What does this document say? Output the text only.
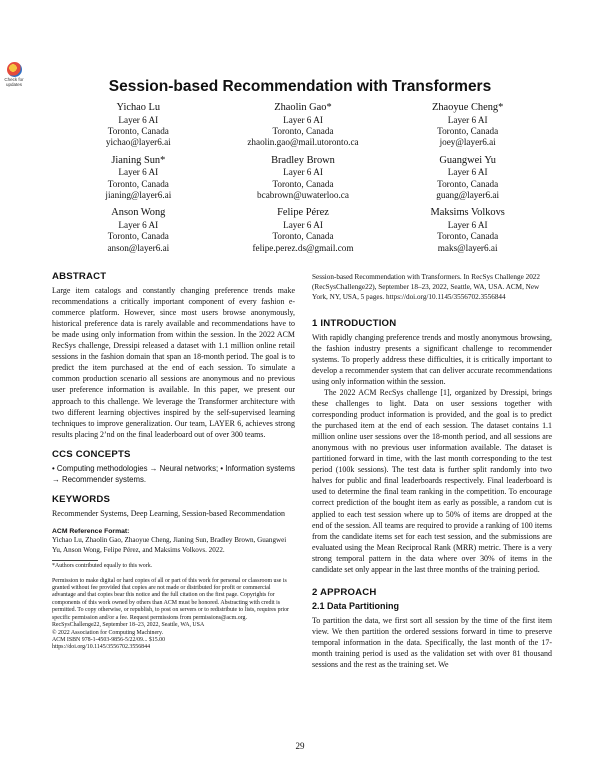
Check for
updates	Session-based Recommendation with Transformers
Yichao Lu
Layer 6 AI
Toronto, Canada
yichao@layer6.ai
Zhaolin Gao*
Layer 6 AI
Toronto, Canada
zhaolin.gao@mail.utoronto.ca
Zhaoyue Cheng*
Layer 6 AI
Toronto, Canada
joey@layer6.ai
Jianing Sun*
Layer 6 AI
Toronto, Canada
jianing@layer6.ai
Bradley Brown
Layer 6 AI
Toronto, Canada
bcabrown@uwaterloo.ca
Guangwei Yu
Layer 6 AI
Toronto, Canada
guang@layer6.ai
Anson Wong
Layer 6 AI
Toronto, Canada
anson@layer6.ai
Felipe Pérez
Layer 6 AI
Toronto, Canada
felipe.perez.ds@gmail.com
Maksims Volkovs
Layer 6 AI
Toronto, Canada
maks@layer6.ai
ABSTRACT

Large item catalogs and constantly changing preference trends make recommendations a critically important component of every fashion e-commerce platform. However, since most users browse anonymously, historical preference data is rarely available and recommendations have to be made using only information from within the session. In the 2022 ACM RecSys challenge, Dressipi released a dataset with 1.1 million online retail sessions in the fashion domain that span an 18-month period. The goal is to predict the item purchased at the end of each session. To simulate a common production scenario all sessions are anonymous and no previous user preference information is available. In this paper, we present our approach to this challenge. We leverage the Transformer architecture with two different learning objectives inspired by the self-supervised learning techniques to improve generalization. Our team, LAYER 6, achieves strong results placing 2’nd on the final leaderboard out of over 300 teams.

CCS CONCEPTS

• Computing methodologies → Neural networks; • Information systems → Recommender systems.

KEYWORDS

Recommender Systems, Deep Learning, Session-based Recommendation

ACM Reference Format:

Yichao Lu, Zhaolin Gao, Zhaoyue Cheng, Jianing Sun, Bradley Brown, Guangwei Yu, Anson Wong, Felipe Pérez, and Maksims Volkovs. 2022.

*Authors contributed equally to this work.

Permission to make digital or hard copies of all or part of this work for personal or classroom use is granted without fee provided that copies are not made or distributed for profit or commercial advantage and that copies bear this notice and the full citation on the first page. Copyrights for components of this work owned by others than ACM must be honored. Abstracting with credit is permitted. To copy otherwise, or republish, to post on servers or to redistribute to lists, requires prior specific permission and/or a fee. Request permissions from permissions@acm.org.

RecSysChallenge22, September 18–23, 2022, Seattle, WA, USA

© 2022 Association for Computing Machinery.

ACM ISBN 978-1-4503-9856-5/22/09... $15.00

https://doi.org/10.1145/3556702.3556844

Session-based Recommendation with Transformers. In RecSys Challenge 2022 (RecSysChallenge22), September 18–23, 2022, Seattle, WA, USA. ACM, New York, NY, USA, 5 pages. https://doi.org/10.1145/3556702.3556844

1 INTRODUCTION

With rapidly changing preference trends and mostly anonymous browsing, the fashion industry presents a significant challenge to recommender systems. To properly address these difficulties, it is critically important to develop a recommender system that can deliver accurate recommendations using only information within the session.

The 2022 ACM RecSys challenge [1], organized by Dressipi, brings these challenges to light. Data on user sessions together with corresponding product information is provided, and the goal is to predict the purchased item at the end of each session. The dataset contains 1.1 million online user sessions over the 18-month period, and all sessions are anonymous with no previous user information available. The dataset is partitioned forward in time, with the last month corresponding to the test period (100k sessions). The test data is further split randomly into two halves for public and final leaderboards respectively. Final leaderboard is used to determine the final team ranking in the competition. To encourage correct prediction of the bought item as early as possible, a random cut is applied to each test session where up to 50% of items are dropped at the end of the session. All teams are required to provide a ranking of 100 items from the candidate items set for each test session, and the submissions are evaluated using the Mean Reciprocal Rank (MRR) metric. There is a very strong temporal pattern in the data where over 30% of items in the candidate set only appear in the last three months of the training period.

2 APPROACH
2.1 Data Partitioning

To partition the data, we first sort all session by the time of the first item view. We then partition the ordered sessions forward in time to preserve temporal information in the data. Specifically, the last month of the 17-month training period is used as the validation set with over 81 thousand sessions and the rest as the training set. We

29
